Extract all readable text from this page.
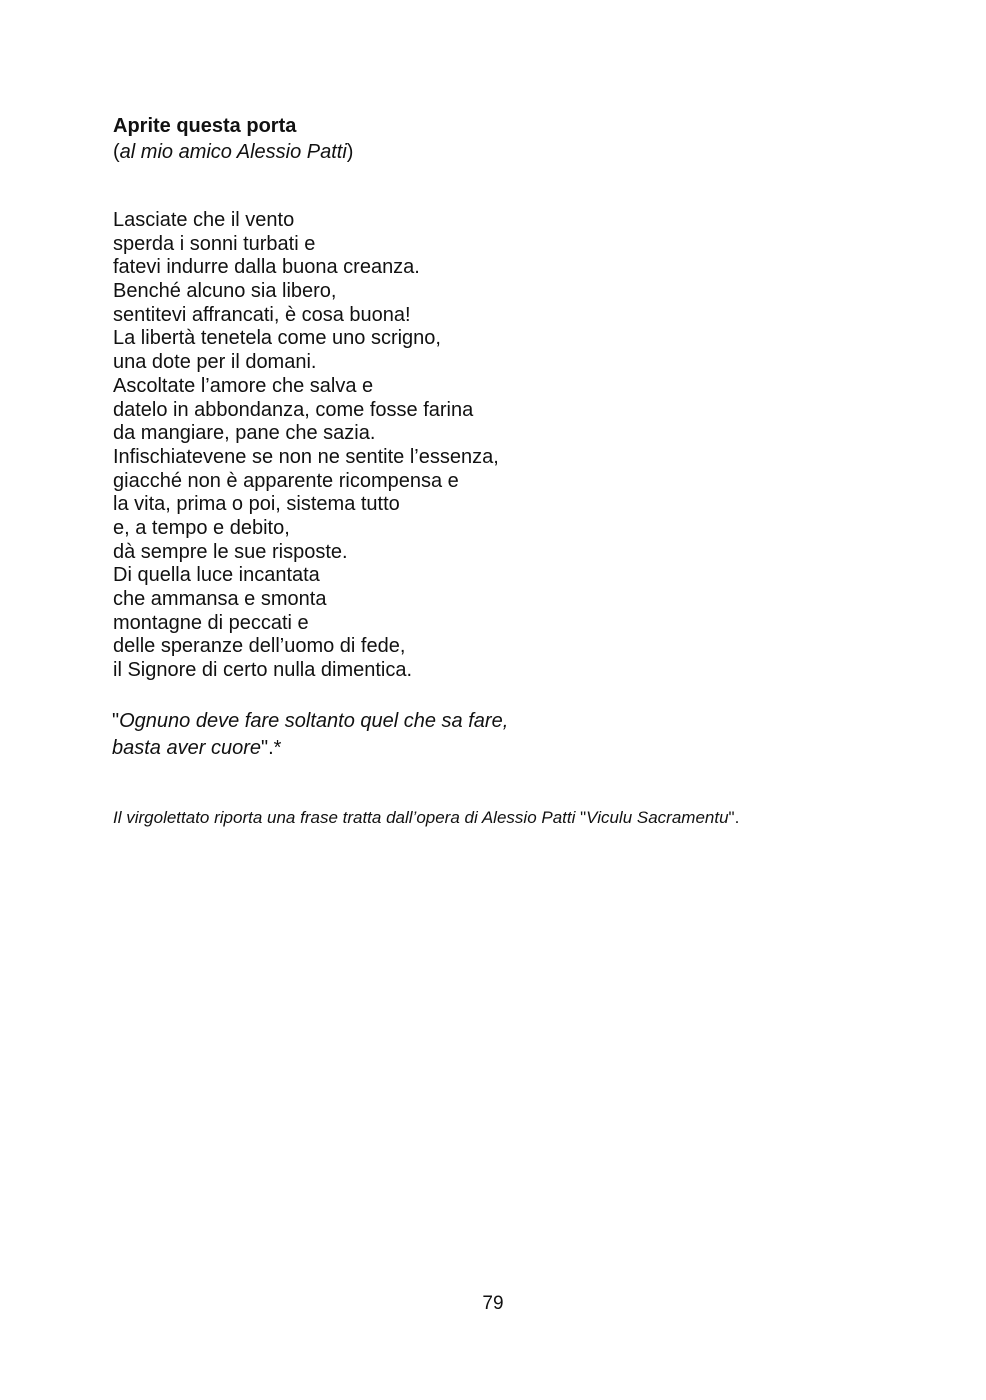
Aprite questa porta

(al mio amico Alessio Patti)

Lasciate che il vento
sperda i sonni turbati e
fatevi indurre dalla buona creanza.
Benché alcuno sia libero,
sentitevi affrancati, è cosa buona!
La libertà tenetela come uno scrigno,
una dote per il domani.
Ascoltate l’amore che salva e
datelo in abbondanza, come fosse farina
da mangiare, pane che sazia.
Infischiatevene se non ne sentite l’essenza,
giacché non è apparente ricompensa e
la vita, prima o poi, sistema tutto
e, a tempo e debito,
dà sempre le sue risposte.
Di quella luce incantata
che ammansa e smonta
montagne di peccati e
delle speranze dell’uomo di fede,
il Signore di certo nulla dimentica.
"Ognuno deve fare soltanto quel che sa fare,
basta aver cuore".*

Il virgolettato riporta una frase tratta dall’opera di Alessio Patti "Viculu Sacramentu".

79
